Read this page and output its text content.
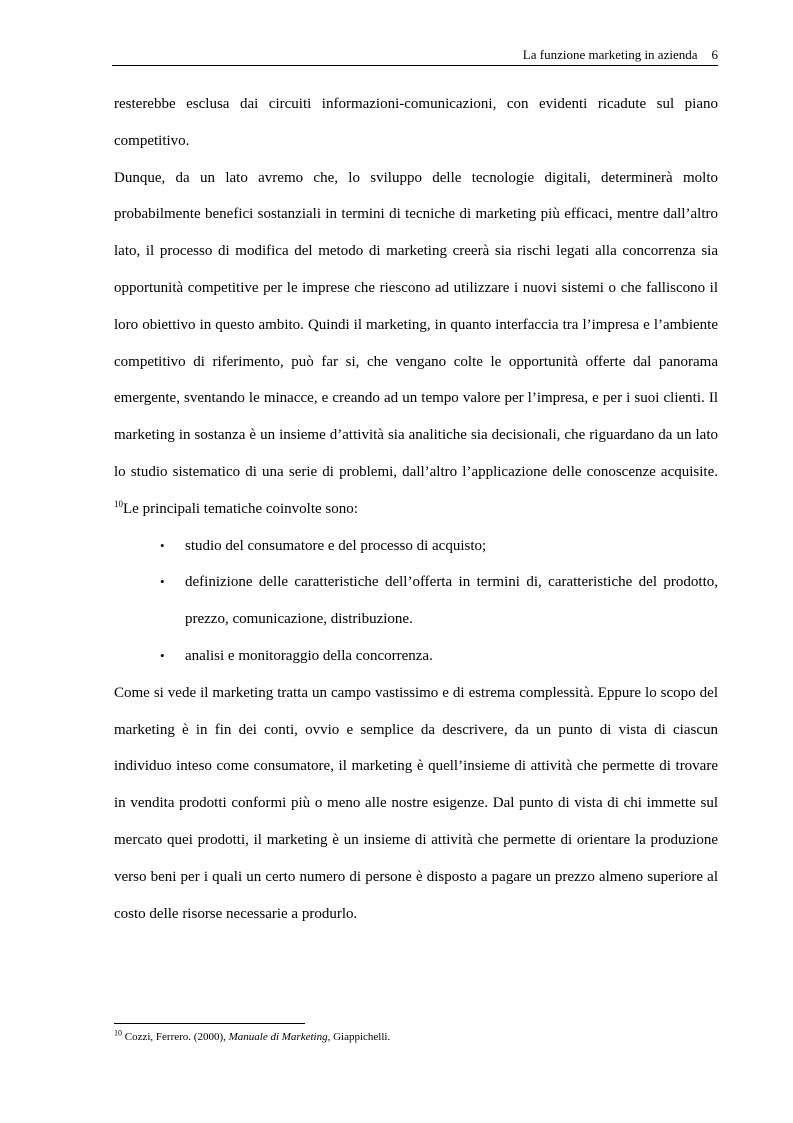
La funzione marketing in azienda 6

resterebbe esclusa dai circuiti informazioni-comunicazioni, con evidenti ricadute sul piano competitivo.

Dunque, da un lato avremo che, lo sviluppo delle tecnologie digitali, determinerà molto probabilmente benefici sostanziali in termini di tecniche di marketing più efficaci, mentre dall’altro lato, il processo di modifica del metodo di marketing creerà sia rischi legati alla concorrenza sia opportunità competitive per le imprese che riescono ad utilizzare i nuovi sistemi o che falliscono il loro obiettivo in questo ambito. Quindi il marketing, in quanto interfaccia tra l’impresa e l’ambiente competitivo di riferimento, può far si, che vengano colte le opportunità offerte dal panorama emergente, sventando le minacce, e creando ad un tempo valore per l’impresa, e per i suoi clienti. Il marketing in sostanza è un insieme d’attività sia analitiche sia decisionali, che riguardano da un lato lo studio sistematico di una serie di problemi, dall’altro l’applicazione delle conoscenze acquisite. $^{10}$Le principali tematiche coinvolte sono:

• studio del consumatore e del processo di acquisto;
• definizione delle caratteristiche dell’offerta in termini di, caratteristiche del prodotto, prezzo, comunicazione, distribuzione.
• analisi e monitoraggio della concorrenza.

Come si vede il marketing tratta un campo vastissimo e di estrema complessità. Eppure lo scopo del marketing è in fin dei conti, ovvio e semplice da descrivere, da un punto di vista di ciascun individuo inteso come consumatore, il marketing è quell’insieme di attività che permette di trovare in vendita prodotti conformi più o meno alle nostre esigenze. Dal punto di vista di chi immette sul mercato quei prodotti, il marketing è un insieme di attività che permette di orientare la produzione verso beni per i quali un certo numero di persone è disposto a pagare un prezzo almeno superiore al costo delle risorse necessarie a produrlo.

$^{10}$ Cozzi, Ferrero. (2000), Manuale di Marketing, Giappichelli.
